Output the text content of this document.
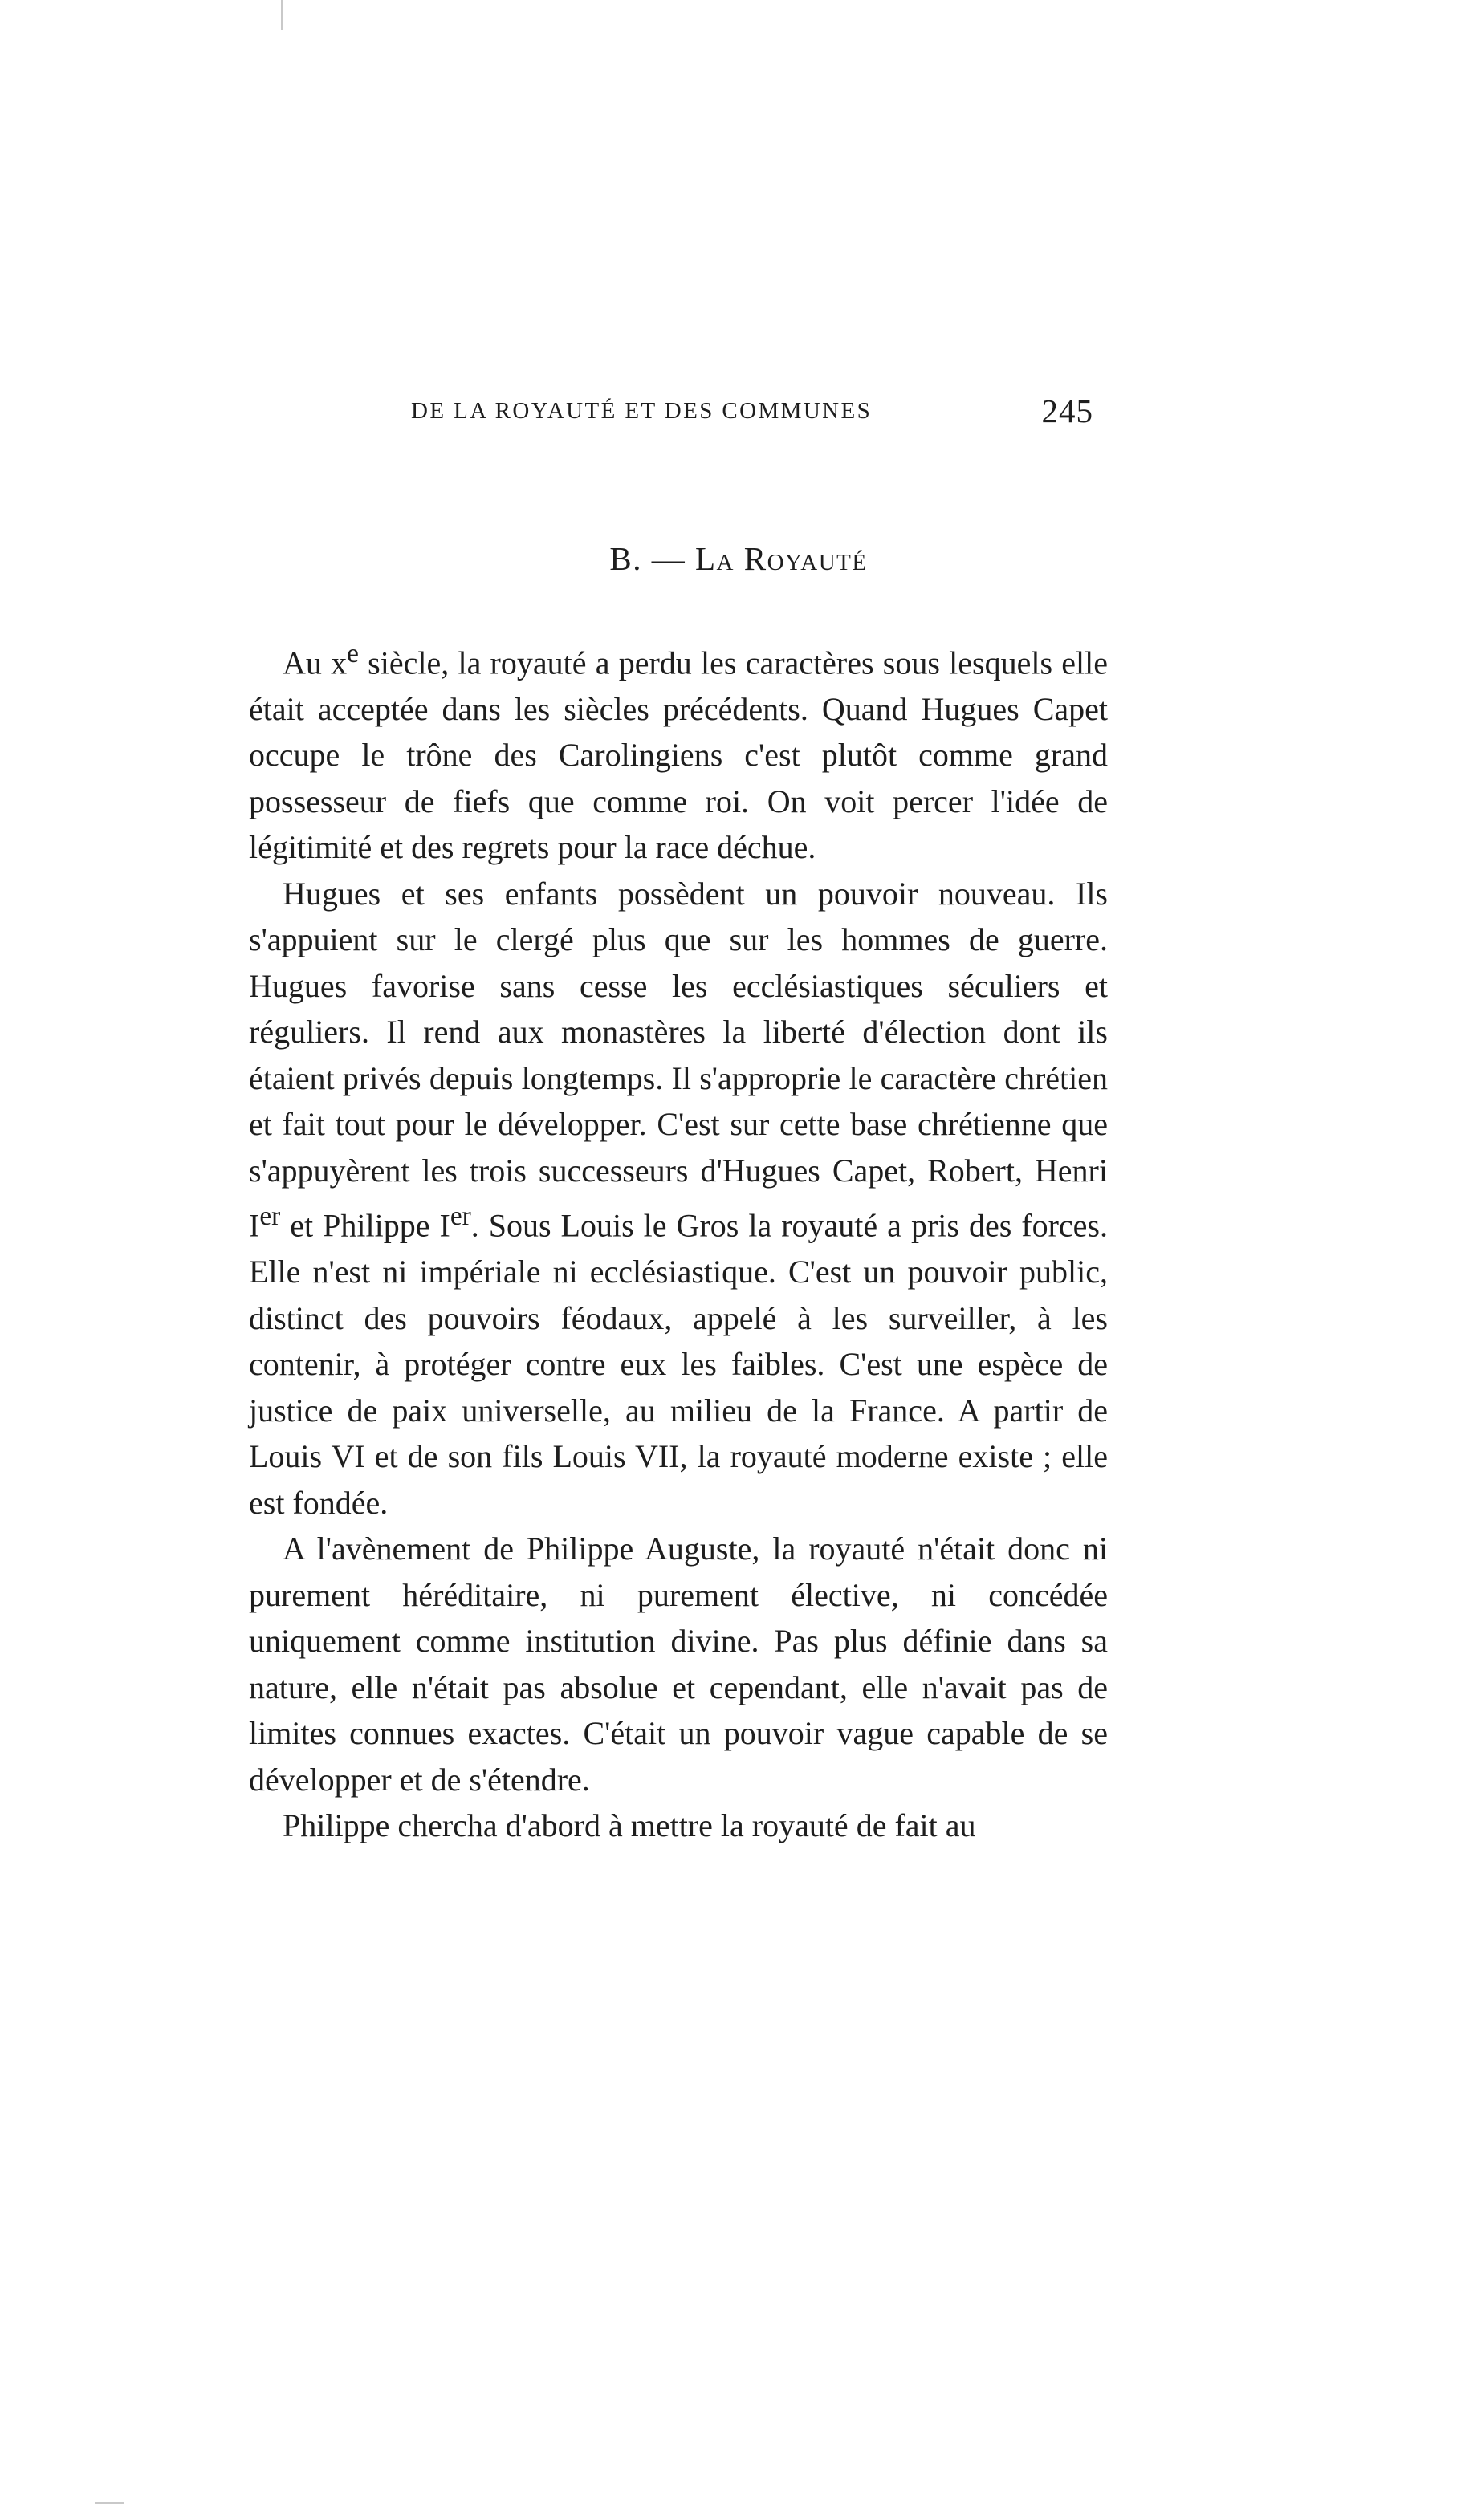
DE LA ROYAUTÉ ET DES COMMUNES	245
B. — La Royauté

Au $x^e$ siècle, la royauté a perdu les caractères sous lesquels elle était acceptée dans les siècles précédents. Quand Hugues Capet occupe le trône des Carolingiens c'est plutôt comme grand possesseur de fiefs que comme roi. On voit percer l'idée de légitimité et des regrets pour la race déchue.

Hugues et ses enfants possèdent un pouvoir nouveau. Ils s'appuient sur le clergé plus que sur les hommes de guerre. Hugues favorise sans cesse les ecclésiastiques séculiers et réguliers. Il rend aux monastères la liberté d'élection dont ils étaient privés depuis longtemps. Il s'approprie le caractère chrétien et fait tout pour le développer. C'est sur cette base chrétienne que s'appuyèrent les trois successeurs d'Hugues Capet, Robert, Henri Ier et Philippe Ier. Sous Louis le Gros la royauté a pris des forces. Elle n'est ni impériale ni ecclésiastique. C'est un pouvoir public, distinct des pouvoirs féodaux, appelé à les surveiller, à les contenir, à protéger contre eux les faibles. C'est une espèce de justice de paix universelle, au milieu de la France. A partir de Louis VI et de son fils Louis VII, la royauté moderne existe ; elle est fondée.

A l'avènement de Philippe Auguste, la royauté n'était donc ni purement héréditaire, ni purement élective, ni concédée uniquement comme institution divine. Pas plus définie dans sa nature, elle n'était pas absolue et cependant, elle n'avait pas de limites connues exactes. C'était un pouvoir vague capable de se développer et de s'étendre.

Philippe chercha d'abord à mettre la royauté de fait au
